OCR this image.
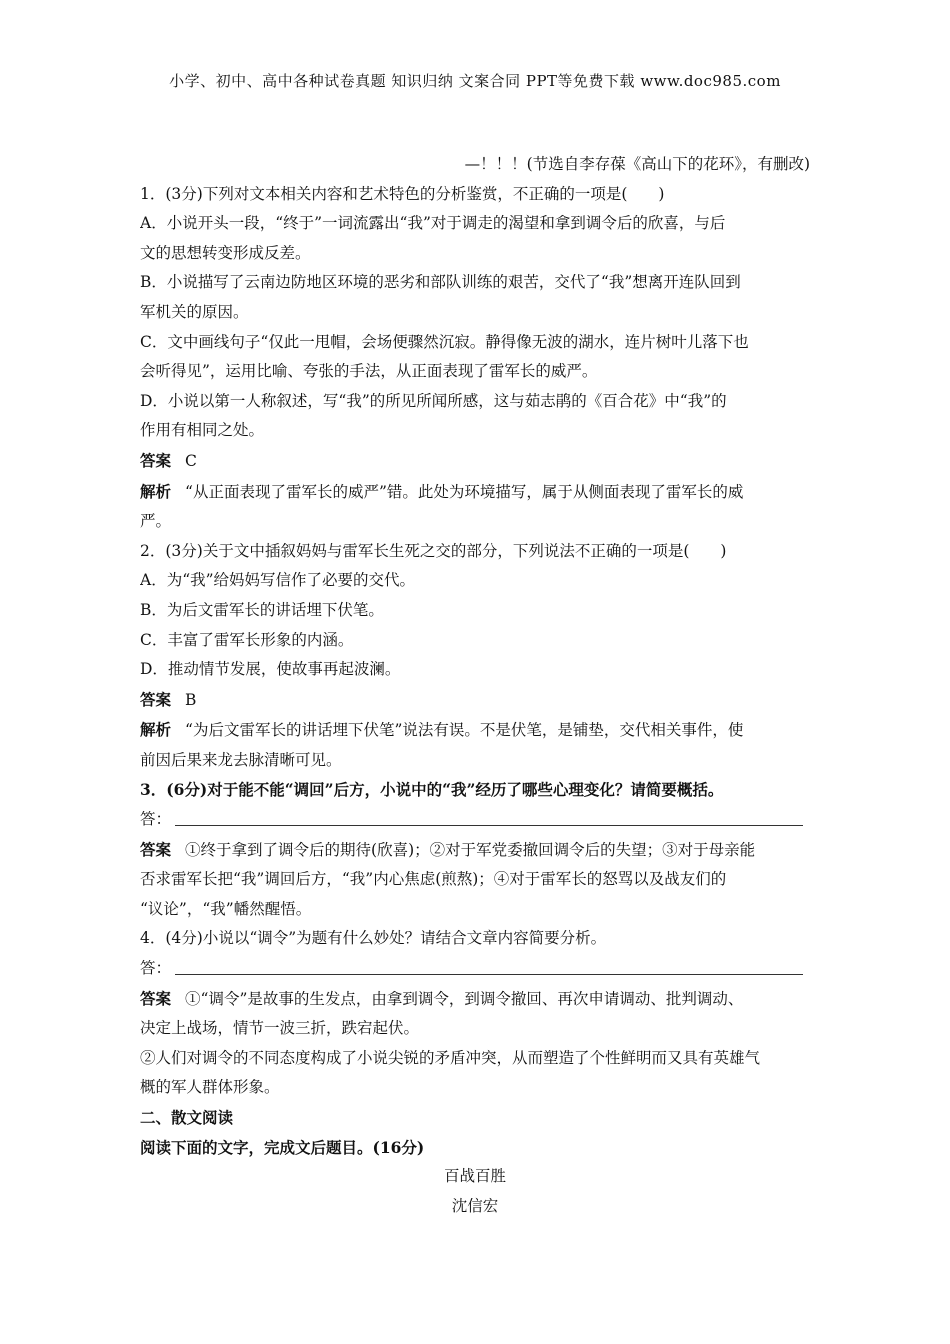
小学、初中、高中各种试卷真题 知识归纳 文案合同 PPT等免费下载 www.doc985.com
—！！！(节选自李存葆《高山下的花环》，有删改)
1．(3分)下列对文本相关内容和艺术特色的分析鉴赏，不正确的一项是(　　)
A．小说开头一段，“终于”一词流露出“我”对于调走的渴望和拿到调令后的欣喜，与后
文的思想转变形成反差。
B．小说描写了云南边防地区环境的恶劣和部队训练的艰苦，交代了“我”想离开连队回到
军机关的原因。
C．文中画线句子“仅此一甩帽，会场便骤然沉寂。静得像无波的湖水，连片树叶儿落下也
会听得见”，运用比喻、夸张的手法，从正面表现了雷军长的威严。
D．小说以第一人称叙述，写“我”的所见所闻所感，这与茹志鹃的《百合花》中“我”的
作用有相同之处。
答案 C
解析 “从正面表现了雷军长的威严”错。此处为环境描写，属于从侧面表现了雷军长的威
严。
2．(3分)关于文中插叙妈妈与雷军长生死之交的部分，下列说法不正确的一项是(　　)
A．为“我”给妈妈写信作了必要的交代。
B．为后文雷军长的讲话埋下伏笔。
C．丰富了雷军长形象的内涵。
D．推动情节发展，使故事再起波澜。
答案 B
解析 “为后文雷军长的讲话埋下伏笔”说法有误。不是伏笔，是铺垫，交代相关事件，使
前因后果来龙去脉清晰可见。
3．(6分)对于能不能“调回”后方，小说中的“我”经历了哪些心理变化？请简要概括。
答：
答案 ①终于拿到了调令后的期待(欣喜)；②对于军党委撤回调令后的失望；③对于母亲能
否求雷军长把“我”调回后方，“我”内心焦虑(煎熬)；④对于雷军长的怒骂以及战友们的
“议论”，“我”幡然醒悟。
4．(4分)小说以“调令”为题有什么妙处？请结合文章内容简要分析。
答：
答案 ①“调令”是故事的生发点，由拿到调令，到调令撤回、再次申请调动、批判调动、
决定上战场，情节一波三折，跌宕起伏。
②人们对调令的不同态度构成了小说尖锐的矛盾冲突，从而塑造了个性鲜明而又具有英雄气
概的军人群体形象。
二、散文阅读
阅读下面的文字，完成文后题目。(16分)
百战百胜
沈信宏
